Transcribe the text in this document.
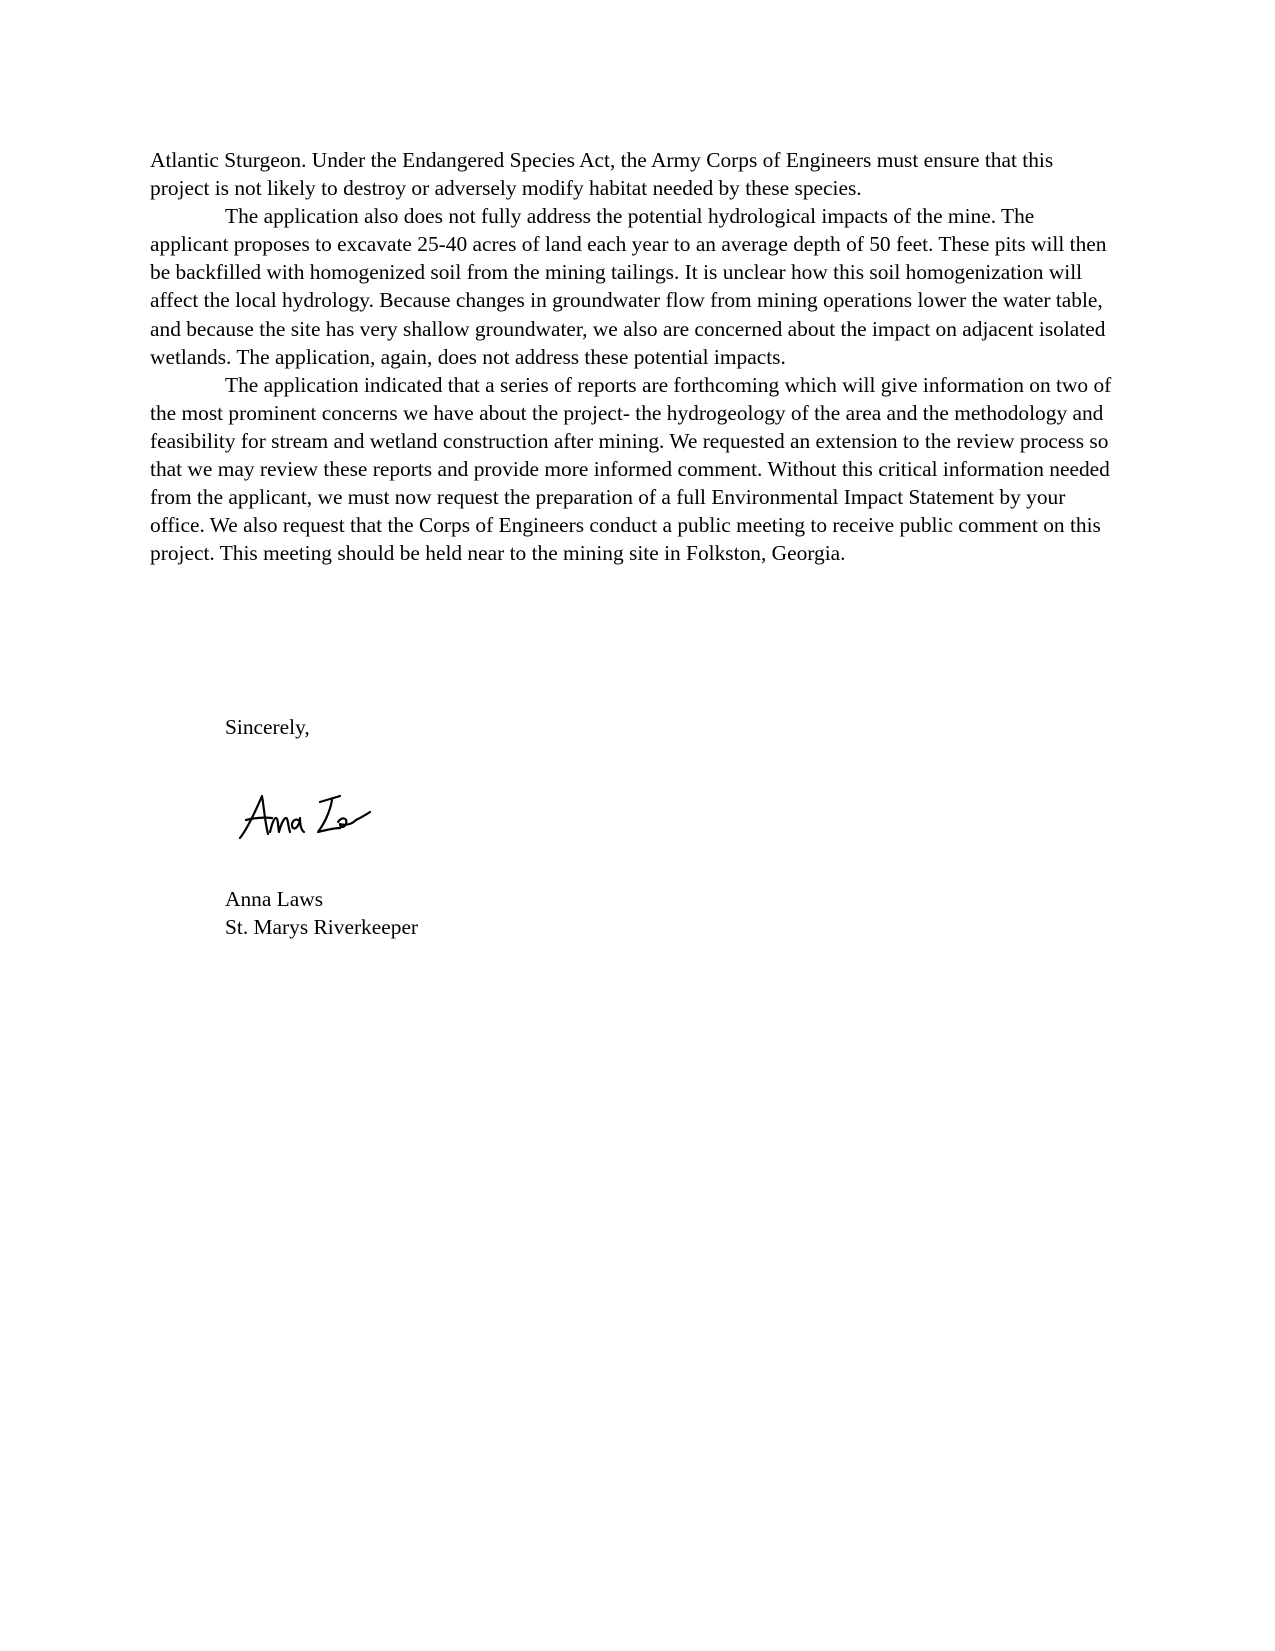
Atlantic Sturgeon. Under the Endangered Species Act, the Army Corps of Engineers must ensure that this project is not likely to destroy or adversely modify habitat needed by these species.

The application also does not fully address the potential hydrological impacts of the mine. The applicant proposes to excavate 25-40 acres of land each year to an average depth of 50 feet. These pits will then be backfilled with homogenized soil from the mining tailings. It is unclear how this soil homogenization will affect the local hydrology. Because changes in groundwater flow from mining operations lower the water table, and because the site has very shallow groundwater, we also are concerned about the impact on adjacent isolated wetlands. The application, again, does not address these potential impacts.

The application indicated that a series of reports are forthcoming which will give information on two of the most prominent concerns we have about the project- the hydrogeology of the area and the methodology and feasibility for stream and wetland construction after mining. We requested an extension to the review process so that we may review these reports and provide more informed comment. Without this critical information needed from the applicant, we must now request the preparation of a full Environmental Impact Statement by your office. We also request that the Corps of Engineers conduct a public meeting to receive public comment on this project. This meeting should be held near to the mining site in Folkston, Georgia.

Sincerely,
Anna Laws
St. Marys Riverkeeper
